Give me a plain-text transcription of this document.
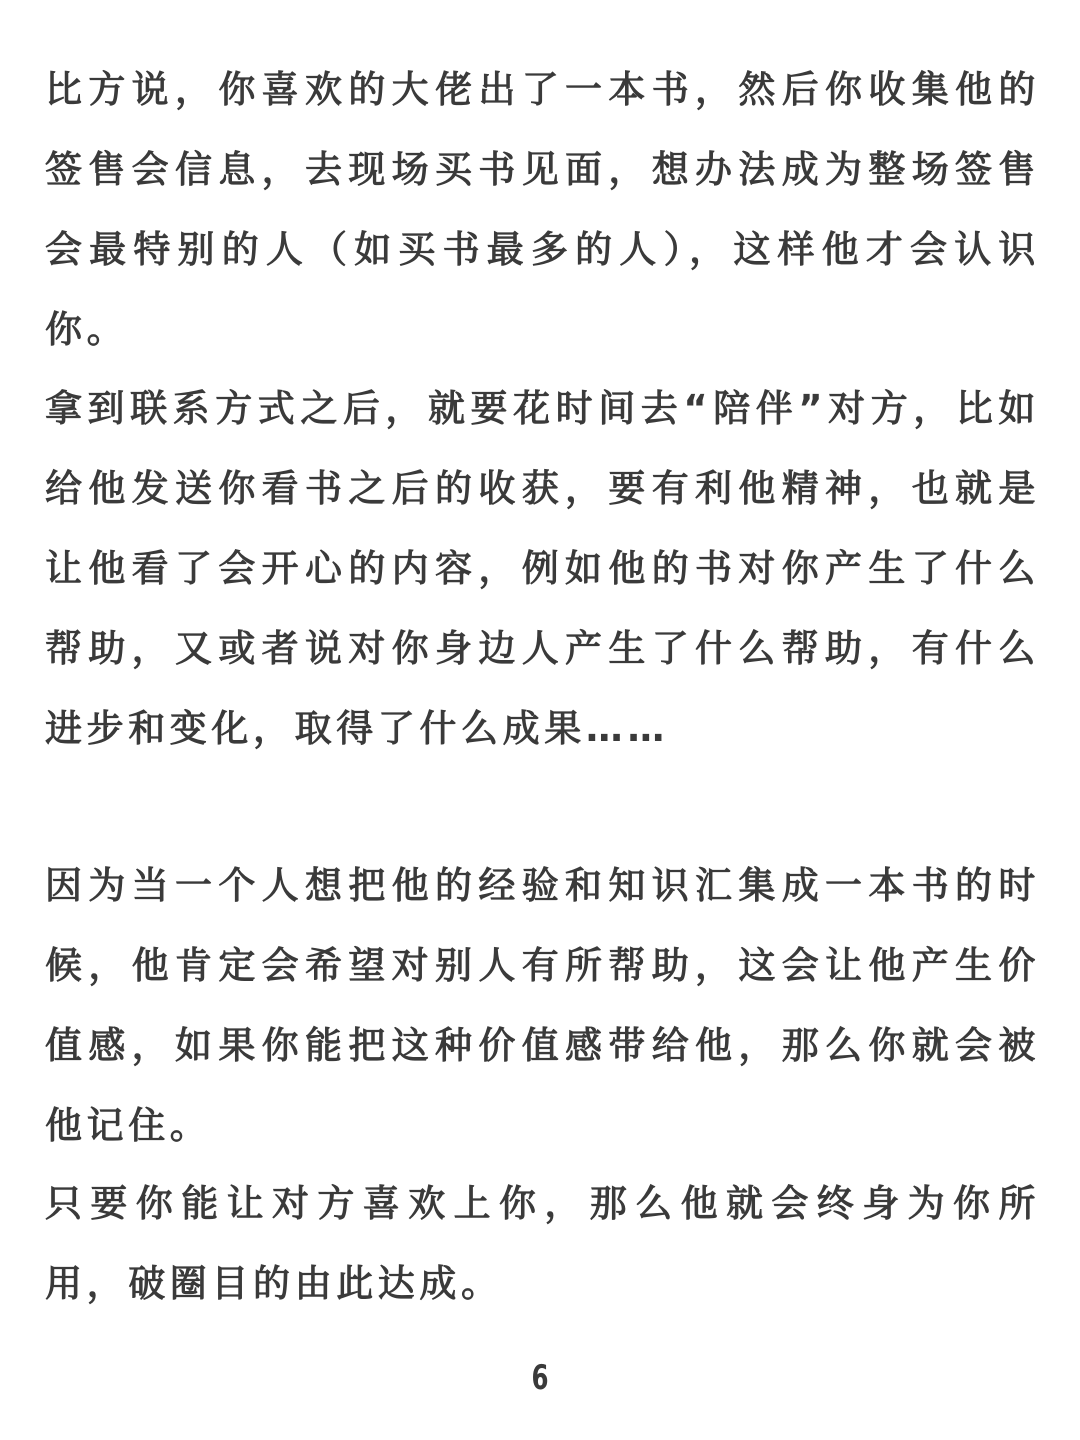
比方说，你喜欢的大佬出了一本书，然后你收集他的签售会信息，去现场买书见面，想办法成为整场签售会最特别的人（如买书最多的人），这样他才会认识你。

拿到联系方式之后，就要花时间去“陪伴”对方，比如给他发送你看书之后的收获，要有利他精神，也就是让他看了会开心的内容，例如他的书对你产生了什么帮助，又或者说对你身边人产生了什么帮助，有什么进步和变化，取得了什么成果……

因为当一个人想把他的经验和知识汇集成一本书的时候，他肯定会希望对别人有所帮助，这会让他产生价值感，如果你能把这种价值感带给他，那么你就会被他记住。

只要你能让对方喜欢上你，那么他就会终身为你所用，破圈目的由此达成。

6
